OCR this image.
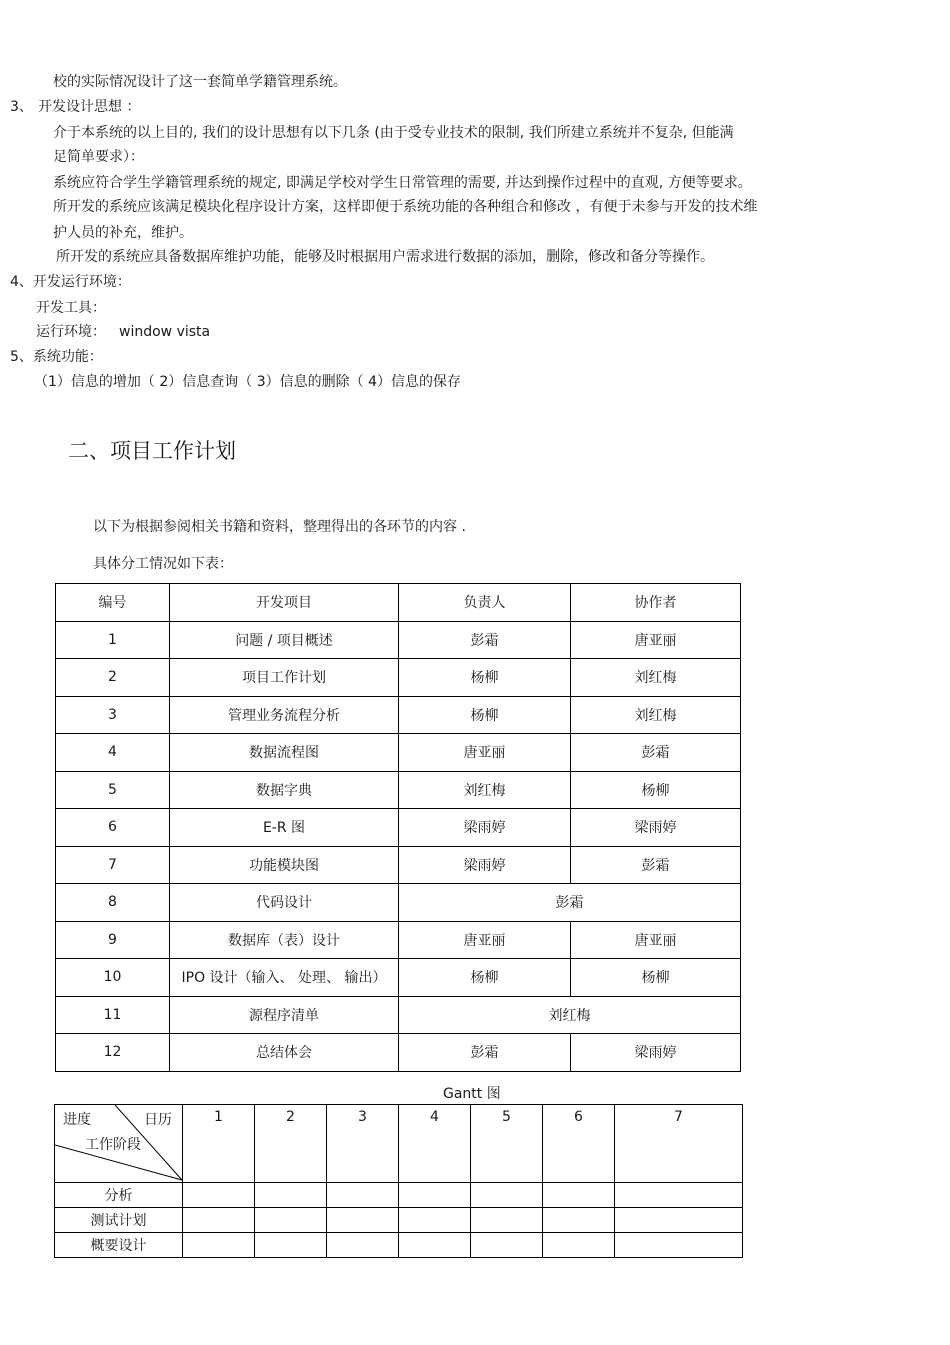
校的实际情况设计了这一套简单学籍管理系统。
3、 开发设计思想 ：
介于本系统的以上目的, 我们的设计思想有以下几条 (由于受专业技术的限制, 我们所建立系统并不复杂, 但能满
足简单要求）：
系统应符合学生学籍管理系统的规定, 即满足学校对学生日常管理的需要, 并达到操作过程中的直观, 方便等要求。
所开发的系统应该满足模块化程序设计方案，这样即便于系统功能的各种组合和修改 ，有便于未参与开发的技术维
护人员的补充，维护。
所开发的系统应具备数据库维护功能，能够及时根据用户需求进行数据的添加，删除，修改和备分等操作。
4、开发运行环境：
开发工具：
运行环境： window vista
5、系统功能：
（1）信息的增加（ 2）信息查询（ 3）信息的删除（ 4）信息的保存
二、项目工作计划
以下为根据参阅相关书籍和资料，整理得出的各环节的内容 .
具体分工情况如下表：
编号	开发项目	负责人	协作者
1	问题 / 项目概述	彭霜	唐亚丽
2	项目工作计划	杨柳	刘红梅
3	管理业务流程分析	杨柳	刘红梅
4	数据流程图	唐亚丽	彭霜
5	数据字典	刘红梅	杨柳
6	E-R 图	梁雨婷	梁雨婷
7	功能模块图	梁雨婷	彭霜
8	代码设计	彭霜	
9	数据库（表）设计	唐亚丽	唐亚丽
10	IPO 设计（输入、 处理、 输出）	杨柳	杨柳
11	源程序清单	刘红梅	
12	总结体会	彭霜	梁雨婷
Gantt 图
进度 日历
工作阶段	1	2	3	4	5	6	7
分析							
测试计划							
概要设计							
